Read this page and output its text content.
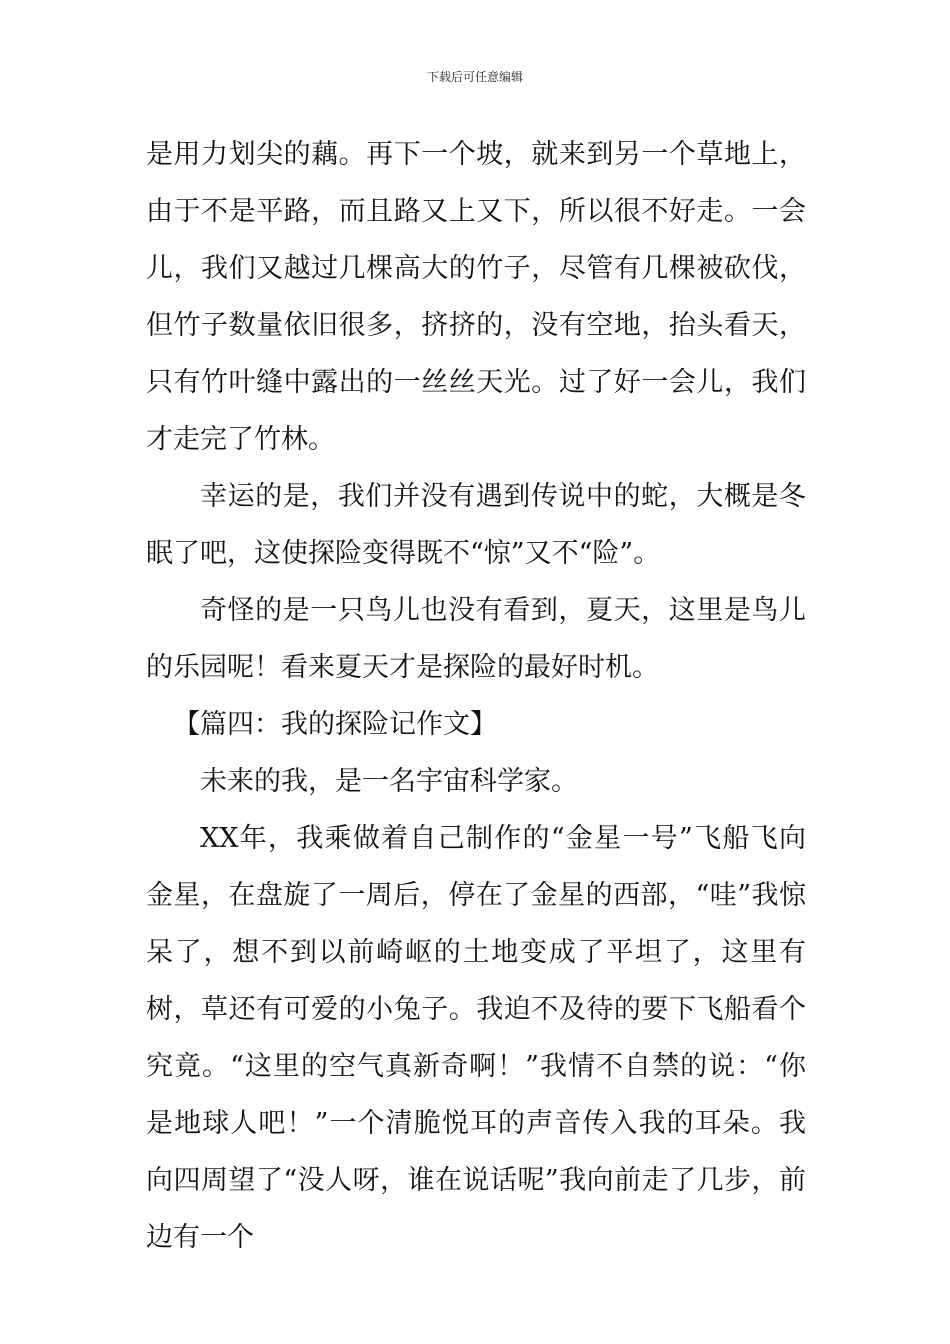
下载后可任意编辑

是用力划尖的藕。再下一个坡，就来到另一个草地上，由于不是平路，而且路又上又下，所以很不好走。一会儿，我们又越过几棵高大的竹子，尽管有几棵被砍伐，但竹子数量依旧很多，挤挤的，没有空地，抬头看天，只有竹叶缝中露出的一丝丝天光。过了好一会儿，我们才走完了竹林。

幸运的是，我们并没有遇到传说中的蛇，大概是冬眠了吧，这使探险变得既不“惊”又不“险”。

奇怪的是一只鸟儿也没有看到，夏天，这里是鸟儿的乐园呢！看来夏天才是探险的最好时机。

【篇四：我的探险记作文】

未来的我，是一名宇宙科学家。

XX年，我乘做着自己制作的“金星一号”飞船飞向金星，在盘旋了一周后，停在了金星的西部，“哇”我惊呆了，想不到以前崎岖的土地变成了平坦了，这里有树，草还有可爱的小兔子。我迫不及待的要下飞船看个究竟。“这里的空气真新奇啊！”我情不自禁的说：“你是地球人吧！”一个清脆悦耳的声音传入我的耳朵。我向四周望了“没人呀，谁在说话呢”我向前走了几步，前边有一个
